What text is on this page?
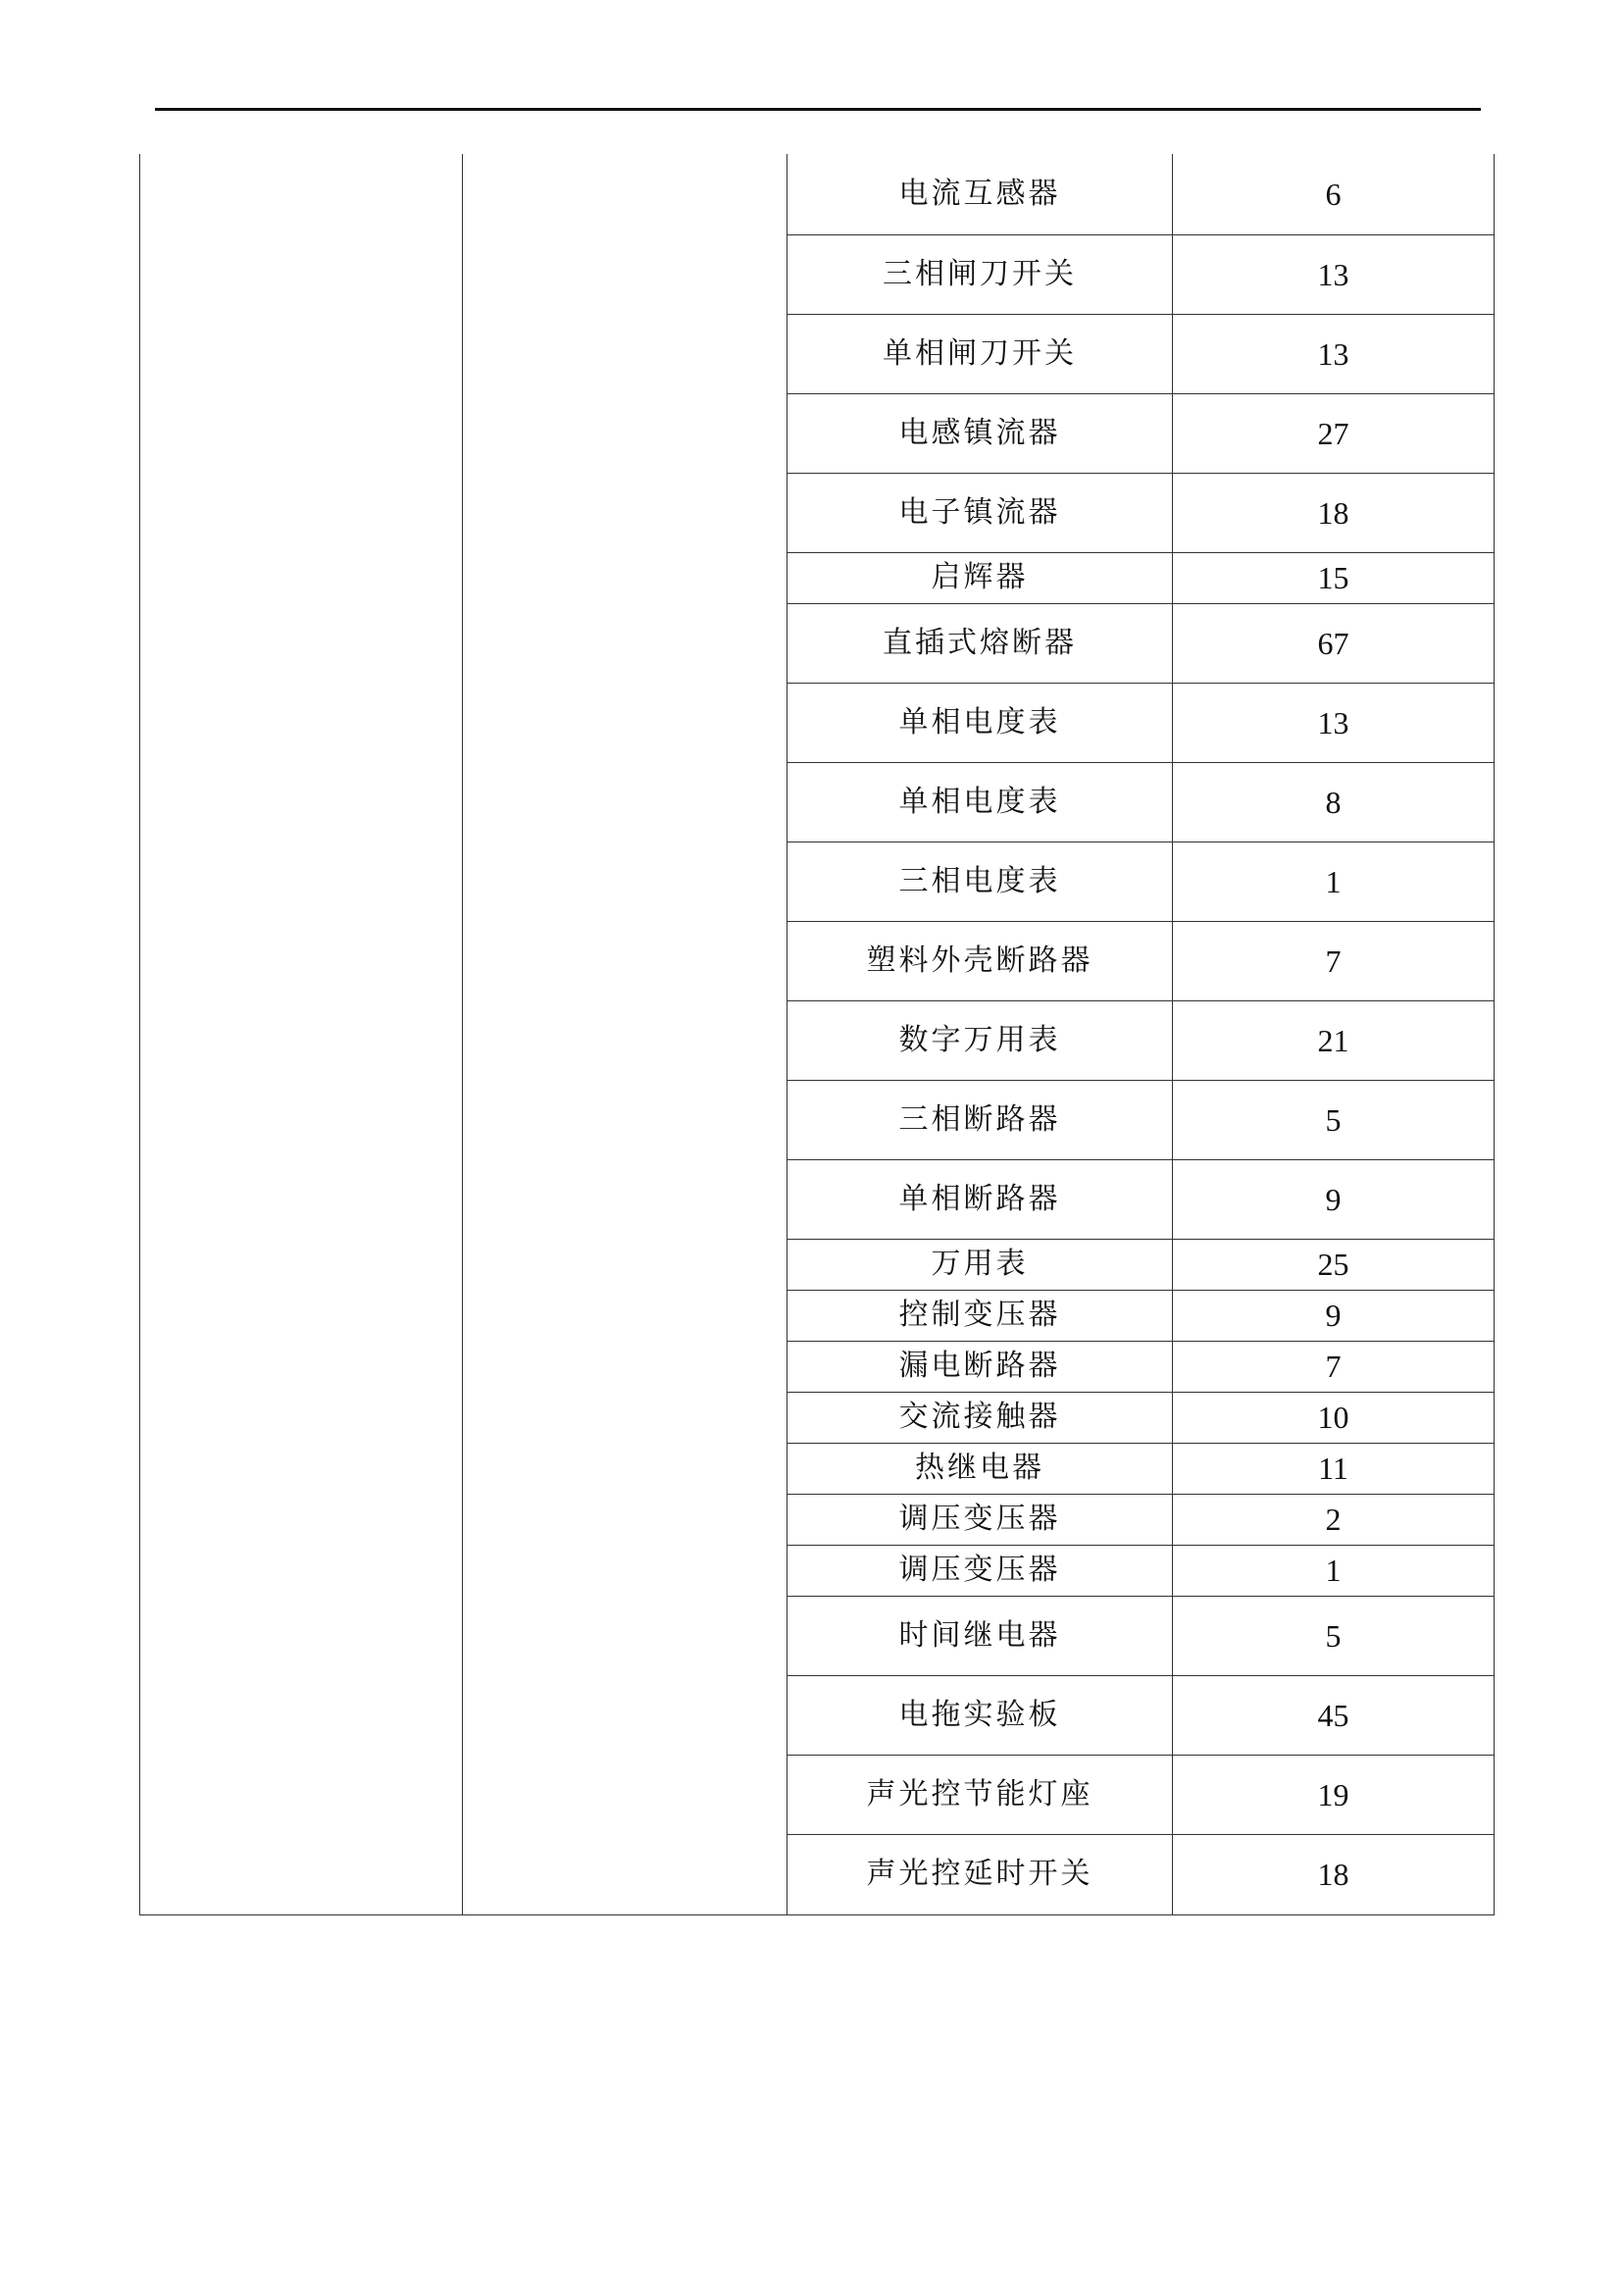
		电流互感器	6
		三相闸刀开关	13
		单相闸刀开关	13
		电感镇流器	27
		电子镇流器	18
		启辉器	15
		直插式熔断器	67
		单相电度表	13
		单相电度表	8
		三相电度表	1
		塑料外壳断路器	7
		数字万用表	21
		三相断路器	5
		单相断路器	9
		万用表	25
		控制变压器	9
		漏电断路器	7
		交流接触器	10
		热继电器	11
		调压变压器	2
		调压变压器	1
		时间继电器	5
		电拖实验板	45
		声光控节能灯座	19
		声光控延时开关	18
